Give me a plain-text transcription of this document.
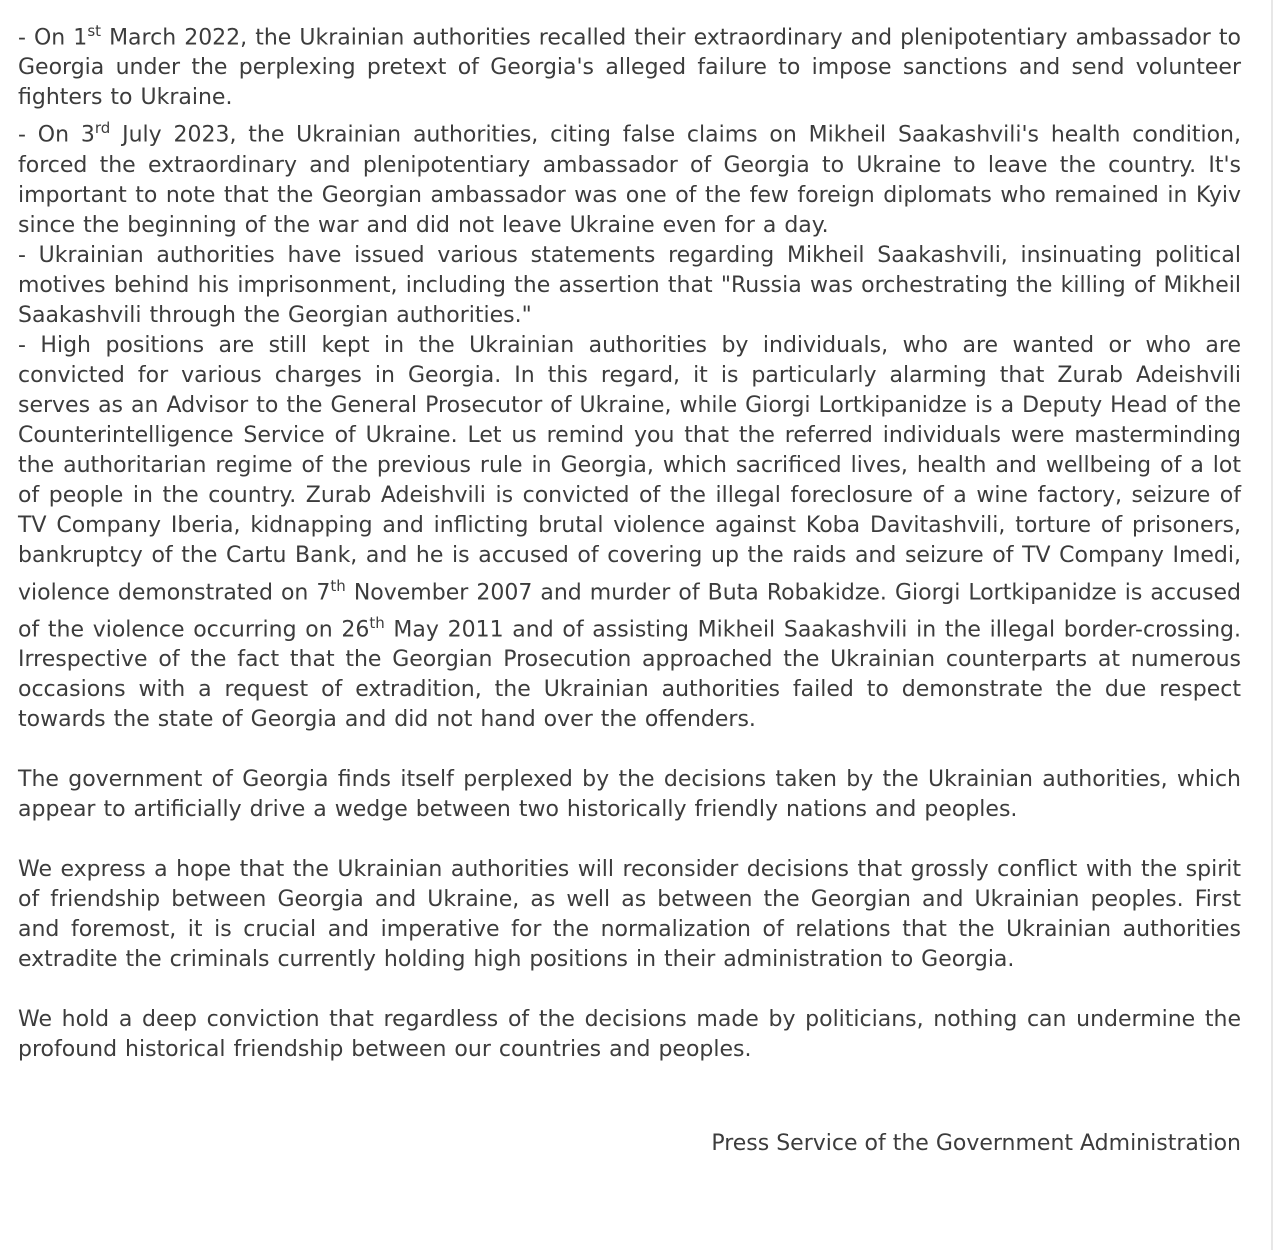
- On 1st March 2022, the Ukrainian authorities recalled their extraordinary and plenipotentiary ambassador to Georgia under the perplexing pretext of Georgia's alleged failure to impose sanctions and send volunteer fighters to Ukraine.

- On 3rd July 2023, the Ukrainian authorities, citing false claims on Mikheil Saakashvili's health condition, forced the extraordinary and plenipotentiary ambassador of Georgia to Ukraine to leave the country. It's important to note that the Georgian ambassador was one of the few foreign diplomats who remained in Kyiv since the beginning of the war and did not leave Ukraine even for a day.

- Ukrainian authorities have issued various statements regarding Mikheil Saakashvili, insinuating political motives behind his imprisonment, including the assertion that "Russia was orchestrating the killing of Mikheil Saakashvili through the Georgian authorities."

- High positions are still kept in the Ukrainian authorities by individuals, who are wanted or who are convicted for various charges in Georgia. In this regard, it is particularly alarming that Zurab Adeishvili serves as an Advisor to the General Prosecutor of Ukraine, while Giorgi Lortkipanidze is a Deputy Head of the Counterintelligence Service of Ukraine. Let us remind you that the referred individuals were masterminding the authoritarian regime of the previous rule in Georgia, which sacrificed lives, health and wellbeing of a lot of people in the country. Zurab Adeishvili is convicted of the illegal foreclosure of a wine factory, seizure of TV Company Iberia, kidnapping and inflicting brutal violence against Koba Davitashvili, torture of prisoners, bankruptcy of the Cartu Bank, and he is accused of covering up the raids and seizure of TV Company Imedi, violence demonstrated on 7th November 2007 and murder of Buta Robakidze. Giorgi Lortkipanidze is accused of the violence occurring on 26th May 2011 and of assisting Mikheil Saakashvili in the illegal border-crossing. Irrespective of the fact that the Georgian Prosecution approached the Ukrainian counterparts at numerous occasions with a request of extradition, the Ukrainian authorities failed to demonstrate the due respect towards the state of Georgia and did not hand over the offenders.

The government of Georgia finds itself perplexed by the decisions taken by the Ukrainian authorities, which appear to artificially drive a wedge between two historically friendly nations and peoples.

We express a hope that the Ukrainian authorities will reconsider decisions that grossly conflict with the spirit of friendship between Georgia and Ukraine, as well as between the Georgian and Ukrainian peoples. First and foremost, it is crucial and imperative for the normalization of relations that the Ukrainian authorities extradite the criminals currently holding high positions in their administration to Georgia.

We hold a deep conviction that regardless of the decisions made by politicians, nothing can undermine the profound historical friendship between our countries and peoples.

Press Service of the Government Administration
